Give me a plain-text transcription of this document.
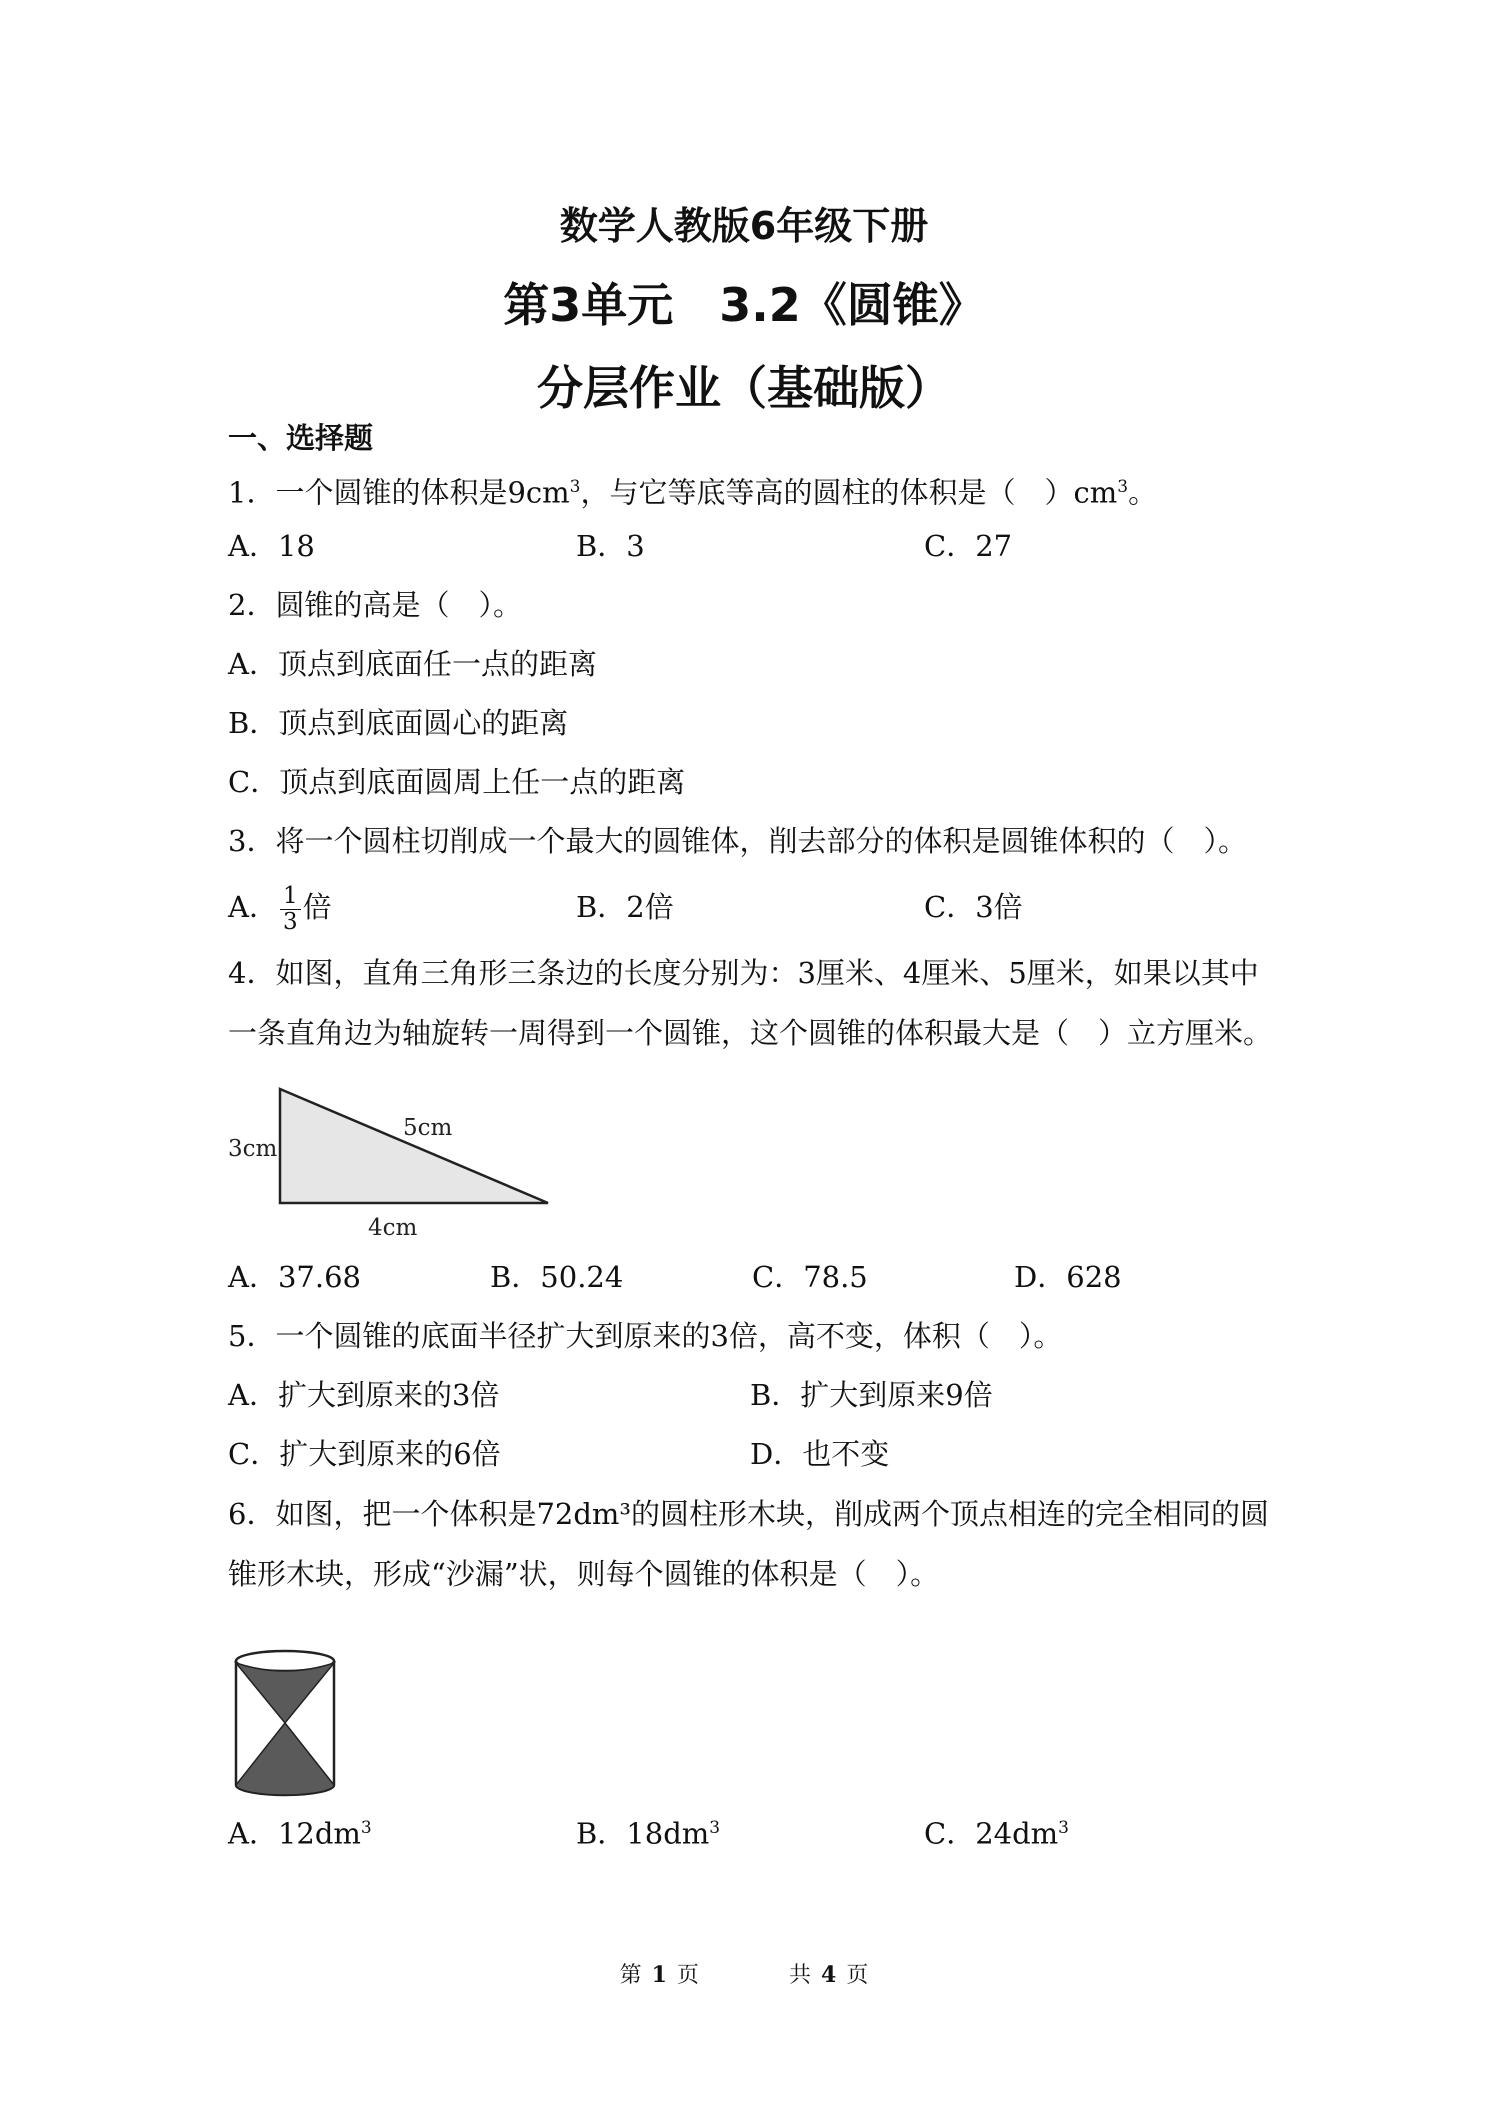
数学人教版6年级下册
第3单元　3.2《圆锥》
分层作业（基础版）
一、选择题
1．一个圆锥的体积是$9cm^3$，与它等底等高的圆柱的体积是（　）$cm^3$。
A．18	B．3	C．27
2．圆锥的高是（　）。
A．顶点到底面任一点的距离
B．顶点到底面圆心的距离
C．顶点到底面圆周上任一点的距离
3．将一个圆柱切削成一个最大的圆锥体，削去部分的体积是圆锥体积的（　）。
A． $\frac{1}{3}$ 倍	B．2倍	C．3倍
4．如图，直角三角形三条边的长度分别为：3厘米、4厘米、5厘米，如果以其中一条直角边为轴旋转一周得到一个圆锥，这个圆锥的体积最大是（　）立方厘米。
3cm
5cm
4cm
A．37.68	B．50.24	C．78.5	D．628
5．一个圆锥的底面半径扩大到原来的3倍，高不变，体积（　）。
A．扩大到原来的3倍	B．扩大到原来9倍
C．扩大到原来的6倍	D．也不变
6．如图，把一个体积是72dm³的圆柱形木块，削成两个顶点相连的完全相同的圆锥形木块，形成“沙漏”状，则每个圆锥的体积是（　）。
A．$12dm^3$	B．$18dm^3$	C．$24dm^3$
第 1 页	共 4 页
